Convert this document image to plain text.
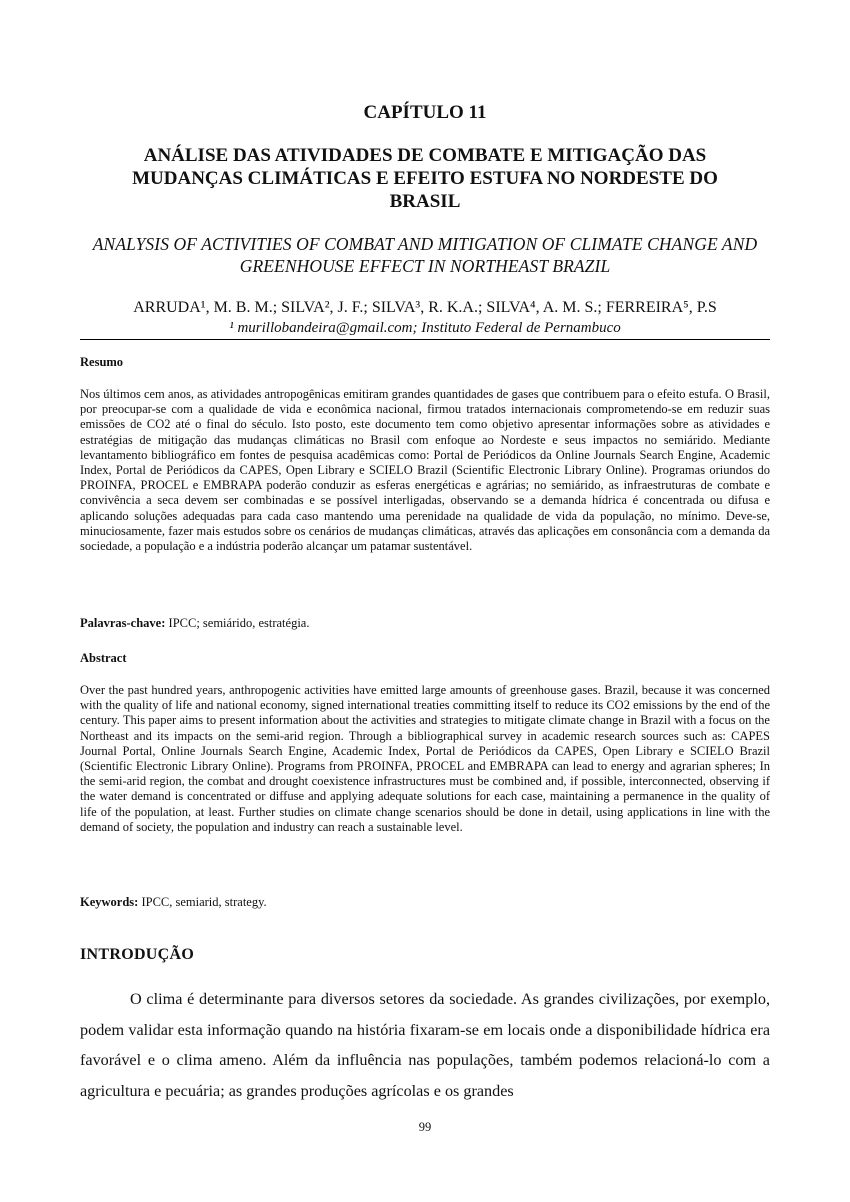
CAPÍTULO 11
ANÁLISE DAS ATIVIDADES DE COMBATE E MITIGAÇÃO DAS MUDANÇAS CLIMÁTICAS E EFEITO ESTUFA NO NORDESTE DO BRASIL
ANALYSIS OF ACTIVITIES OF COMBAT AND MITIGATION OF CLIMATE CHANGE AND GREENHOUSE EFFECT IN NORTHEAST BRAZIL
ARRUDA¹, M. B. M.; SILVA², J. F.; SILVA³, R. K.A.; SILVA⁴, A. M. S.; FERREIRA⁵, P.S
¹ murillobandeira@gmail.com; Instituto Federal de Pernambuco
Resumo

Nos últimos cem anos, as atividades antropogênicas emitiram grandes quantidades de gases que contribuem para o efeito estufa. O Brasil, por preocupar-se com a qualidade de vida e econômica nacional, firmou tratados internacionais comprometendo-se em reduzir suas emissões de CO2 até o final do século. Isto posto, este documento tem como objetivo apresentar informações sobre as atividades e estratégias de mitigação das mudanças climáticas no Brasil com enfoque ao Nordeste e seus impactos no semiárido. Mediante levantamento bibliográfico em fontes de pesquisa acadêmicas como: Portal de Periódicos da Online Journals Search Engine, Academic Index, Portal de Periódicos da CAPES, Open Library e SCIELO Brazil (Scientific Electronic Library Online). Programas oriundos do PROINFA, PROCEL e EMBRAPA poderão conduzir as esferas energéticas e agrárias; no semiárido, as infraestruturas de combate e convivência a seca devem ser combinadas e se possível interligadas, observando se a demanda hídrica é concentrada ou difusa e aplicando soluções adequadas para cada caso mantendo uma perenidade na qualidade de vida da população, no mínimo. Deve-se, minuciosamente, fazer mais estudos sobre os cenários de mudanças climáticas, através das aplicações em consonância com a demanda da sociedade, a população e a indústria poderão alcançar um patamar sustentável.

Palavras-chave: IPCC; semiárido, estratégia.
Abstract

Over the past hundred years, anthropogenic activities have emitted large amounts of greenhouse gases. Brazil, because it was concerned with the quality of life and national economy, signed international treaties committing itself to reduce its CO2 emissions by the end of the century. This paper aims to present information about the activities and strategies to mitigate climate change in Brazil with a focus on the Northeast and its impacts on the semi-arid region. Through a bibliographical survey in academic research sources such as: CAPES Journal Portal, Online Journals Search Engine, Academic Index, Portal de Periódicos da CAPES, Open Library e SCIELO Brazil (Scientific Electronic Library Online). Programs from PROINFA, PROCEL and EMBRAPA can lead to energy and agrarian spheres; In the semi-arid region, the combat and drought coexistence infrastructures must be combined and, if possible, interconnected, observing if the water demand is concentrated or diffuse and applying adequate solutions for each case, maintaining a permanence in the quality of life of the population, at least. Further studies on climate change scenarios should be done in detail, using applications in line with the demand of society, the population and industry can reach a sustainable level.

Keywords: IPCC, semiarid, strategy.
INTRODUÇÃO

O clima é determinante para diversos setores da sociedade. As grandes civilizações, por exemplo, podem validar esta informação quando na história fixaram-se em locais onde a disponibilidade hídrica era favorável e o clima ameno. Além da influência nas populações, também podemos relacioná-lo com a agricultura e pecuária; as grandes produções agrícolas e os grandes

99
